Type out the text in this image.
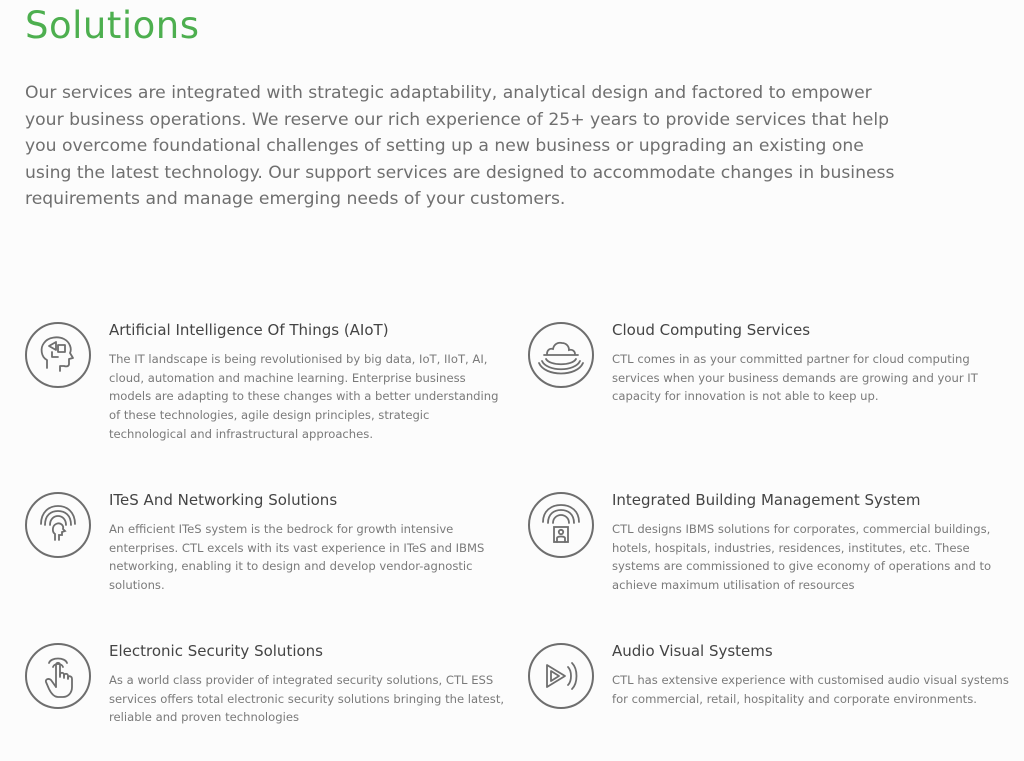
Solutions

Our services are integrated with strategic adaptability, analytical design and factored to empower your business operations. We reserve our rich experience of 25+ years to provide services that help you overcome foundational challenges of setting up a new business or upgrading an existing one using the latest technology. Our support services are designed to accommodate changes in business requirements and manage emerging needs of your customers.

Artificial Intelligence Of Things (AIoT)

The IT landscape is being revolutionised by big data, IoT, IIoT, AI, cloud, automation and machine learning. Enterprise business models are adapting to these changes with a better understanding of these technologies, agile design principles, strategic technological and infrastructural approaches.

Cloud Computing Services

CTL comes in as your committed partner for cloud computing services when your business demands are growing and your IT capacity for innovation is not able to keep up.

ITeS And Networking Solutions

An efficient ITeS system is the bedrock for growth intensive enterprises. CTL excels with its vast experience in ITeS and IBMS networking, enabling it to design and develop vendor-agnostic solutions.

Integrated Building Management System

CTL designs IBMS solutions for corporates, commercial buildings, hotels, hospitals, industries, residences, institutes, etc. These systems are commissioned to give economy of operations and to achieve maximum utilisation of resources

Electronic Security Solutions

As a world class provider of integrated security solutions, CTL ESS services offers total electronic security solutions bringing the latest, reliable and proven technologies

Audio Visual Systems

CTL has extensive experience with customised audio visual systems for commercial, retail, hospitality and corporate environments.
